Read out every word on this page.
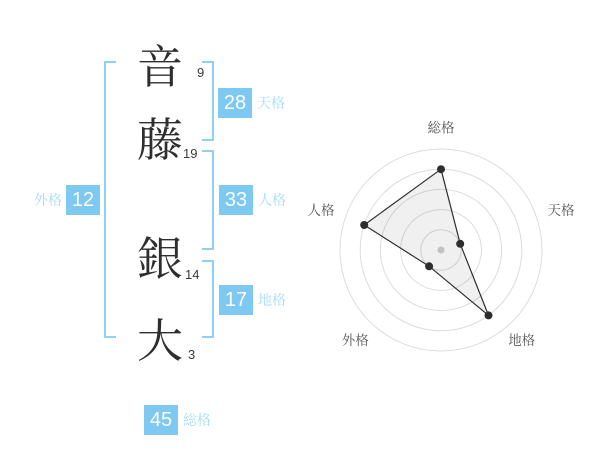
音
藤
銀
大
9
19
14
3
28
33
17
12
45
天格
人格
地格
外格
総格
総格
天格
地格
外格
人格
